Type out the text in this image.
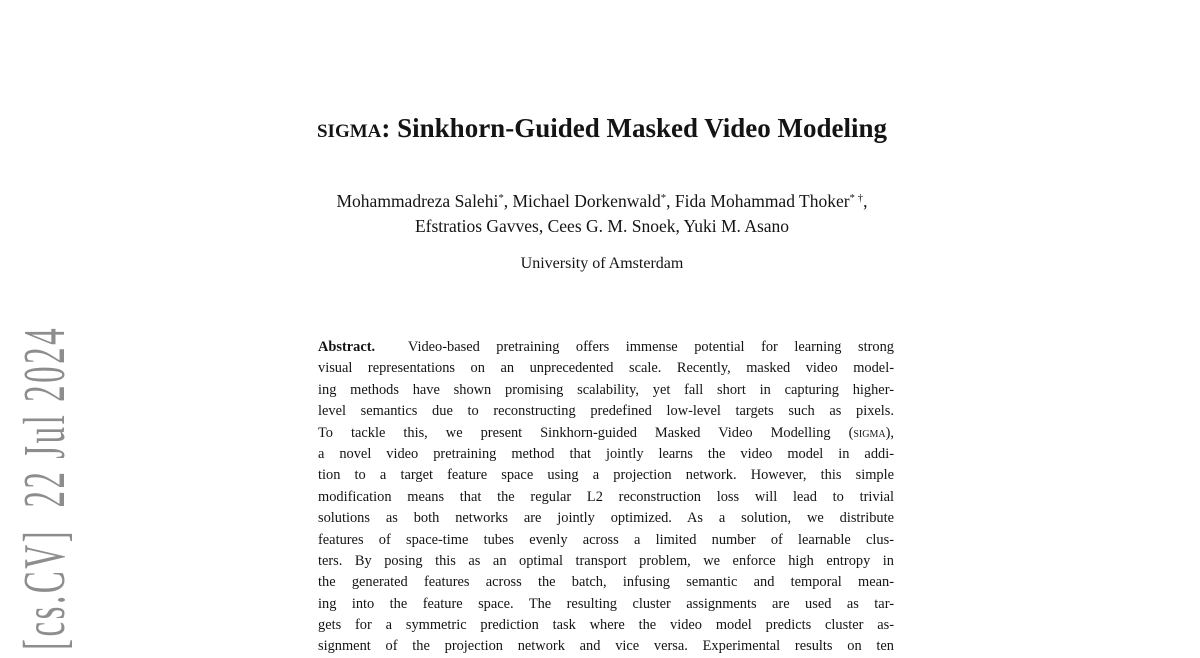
[cs.CV]  22 Jul 2024
sigma: Sinkhorn-Guided Masked Video Modeling
Mohammadreza Salehi*, Michael Dorkenwald*, Fida Mohammad Thoker* †,
Efstratios Gavves, Cees G. M. Snoek, Yuki M. Asano
University of Amsterdam
Abstract.  Video-based pretraining offers immense potential for learning strong
visual representations on an unprecedented scale. Recently, masked video model-
ing methods have shown promising scalability, yet fall short in capturing higher-
level semantics due to reconstructing predefined low-level targets such as pixels.
To tackle this, we present Sinkhorn-guided Masked Video Modelling (sigma),
a novel video pretraining method that jointly learns the video model in addi-
tion to a target feature space using a projection network. However, this simple
modification means that the regular L2 reconstruction loss will lead to trivial
solutions as both networks are jointly optimized. As a solution, we distribute
features of space-time tubes evenly across a limited number of learnable clus-
ters. By posing this as an optimal transport problem, we enforce high entropy in
the generated features across the batch, infusing semantic and temporal mean-
ing into the feature space. The resulting cluster assignments are used as tar-
gets for a symmetric prediction task where the video model predicts cluster as-
signment of the projection network and vice versa. Experimental results on ten
